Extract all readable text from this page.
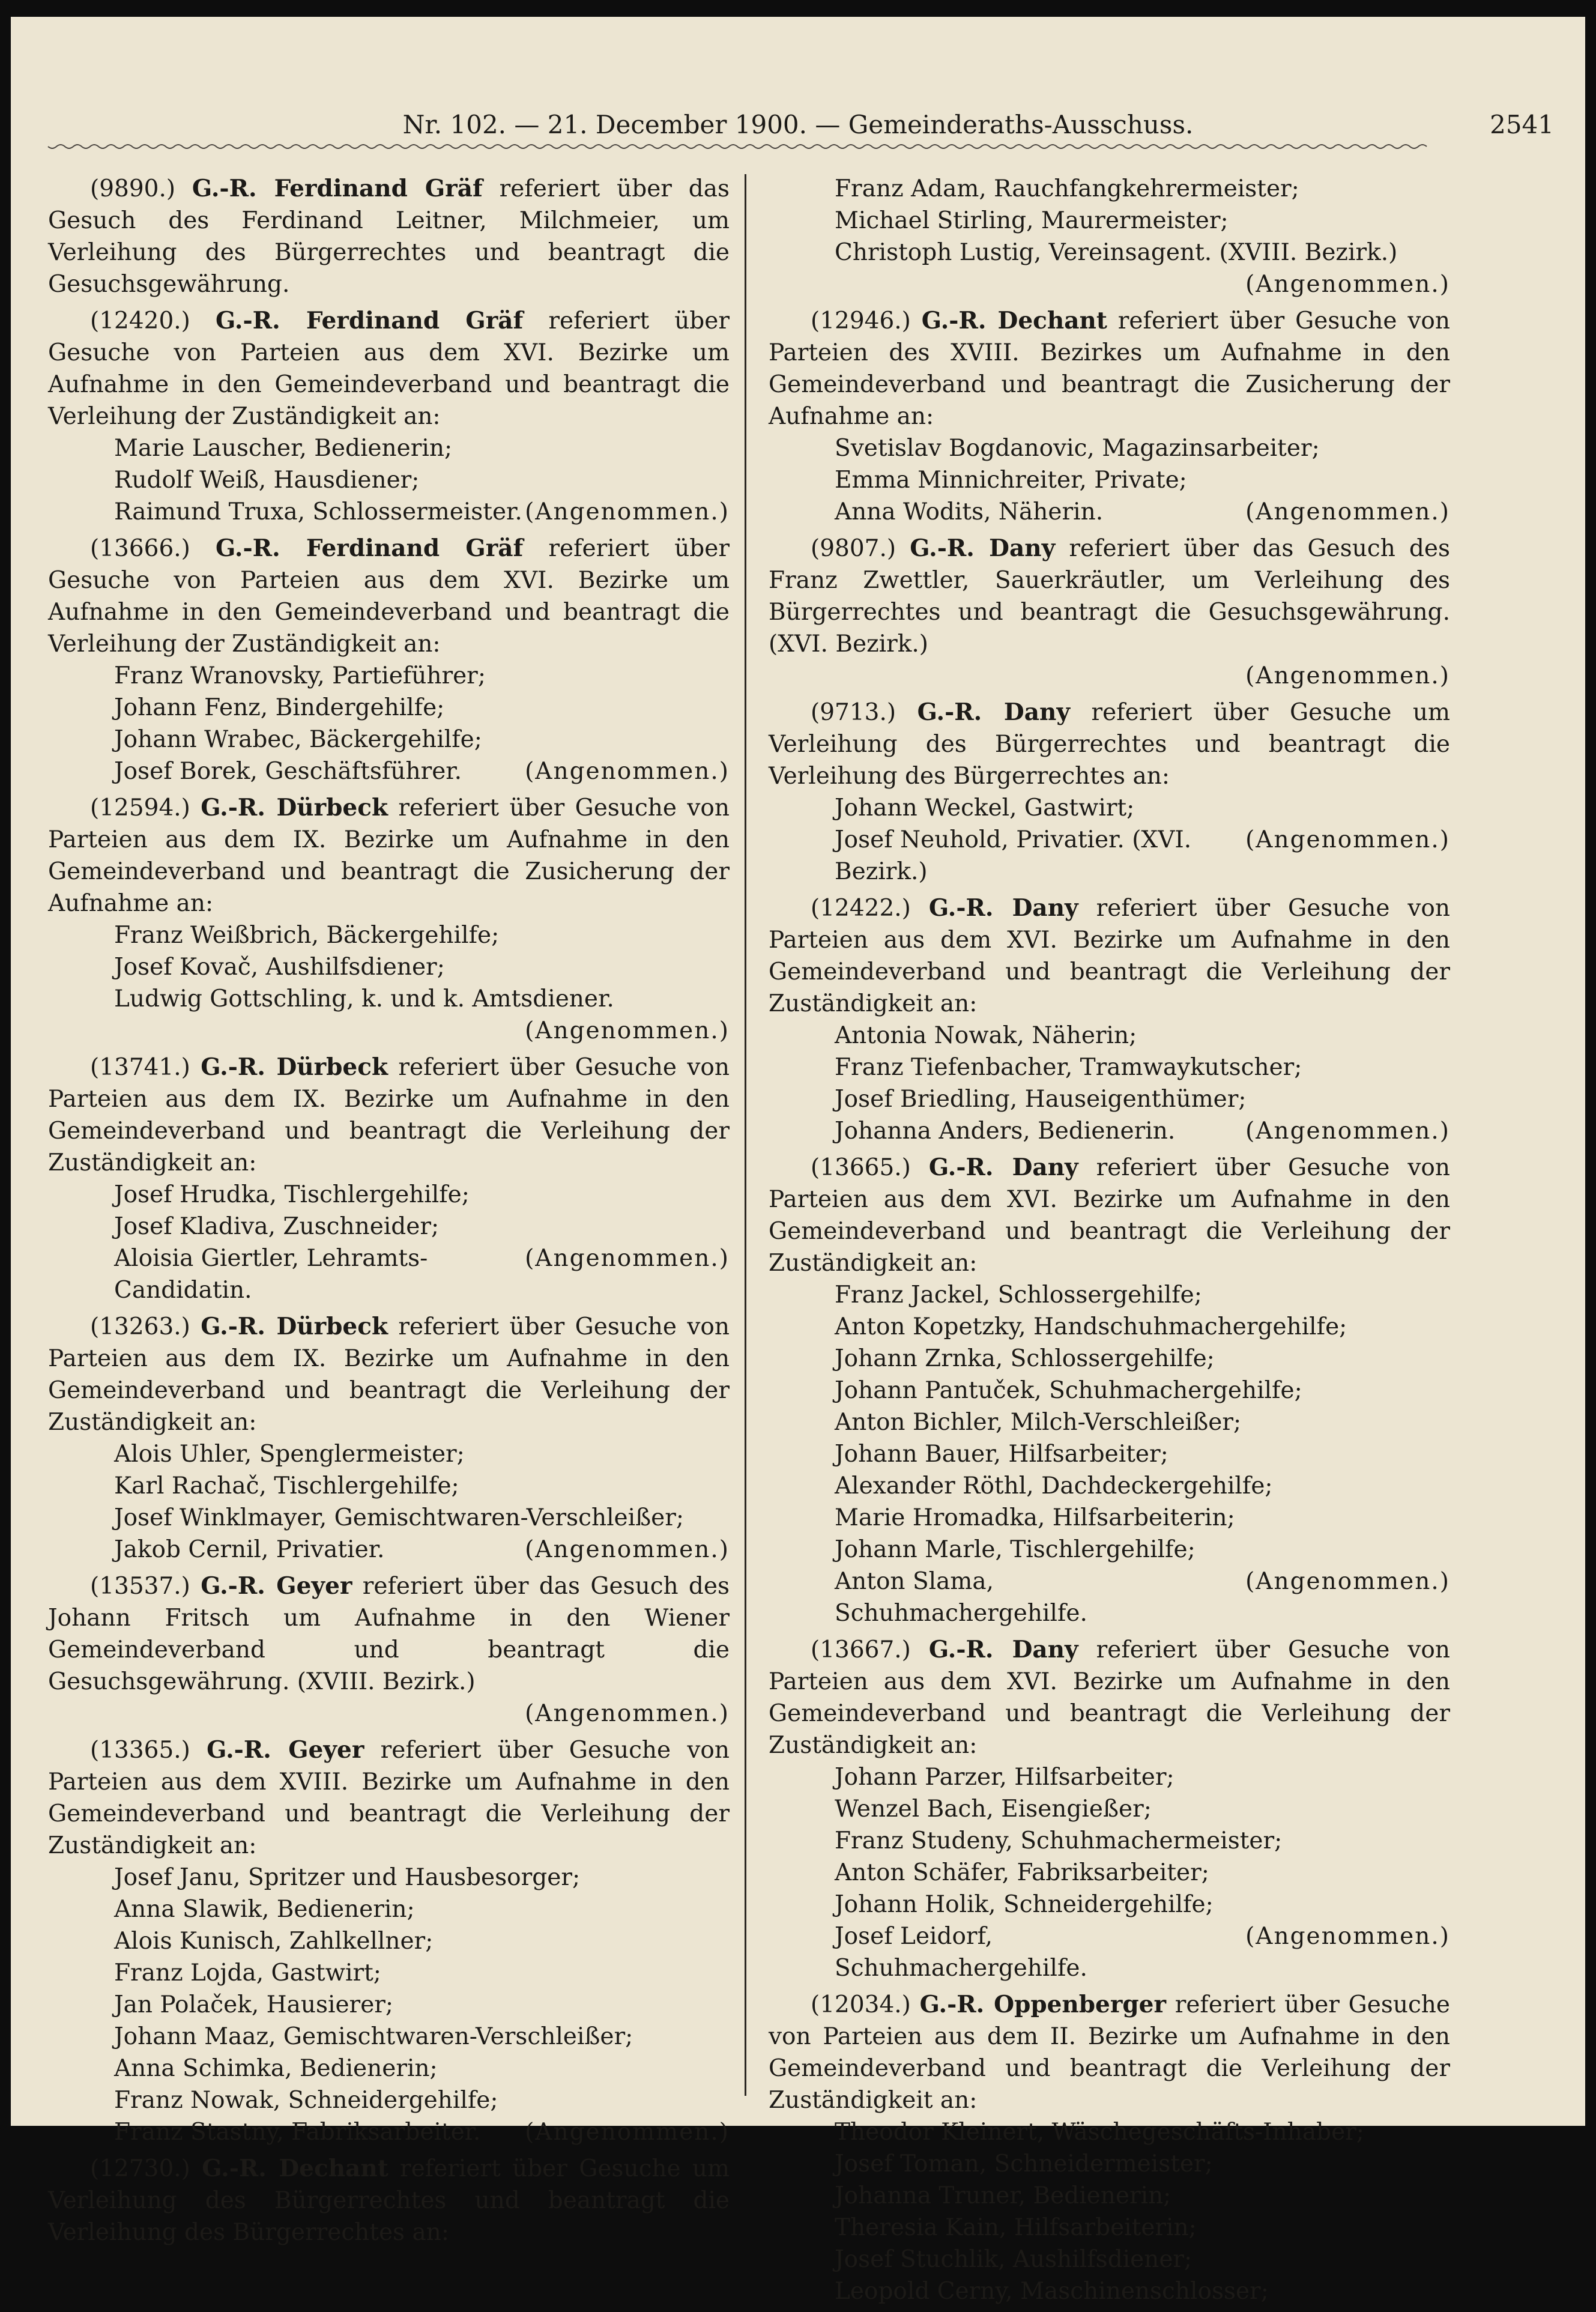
Nr. 102. — 21. December 1900. — Gemeinderaths-Ausschuss.	2541
(9890.) G.-R. Ferdinand Gräf referiert über das Gesuch des Ferdinand Leitner, Milchmeier, um Verleihung des Bürgerrechtes und beantragt die Gesuchsgewährung.
(12420.) G.-R. Ferdinand Gräf referiert über Gesuche von Parteien aus dem XVI. Bezirke um Aufnahme in den Gemeindeverband und beantragt die Verleihung der Zuständigkeit an:
Marie Lauscher, Bedienerin;
Rudolf Weiß, Hausdiener;
(Angenommen.)
Raimund Truxa, Schlossermeister.
(13666.) G.-R. Ferdinand Gräf referiert über Gesuche von Parteien aus dem XVI. Bezirke um Aufnahme in den Gemeindeverband und beantragt die Verleihung der Zuständigkeit an:
Franz Wranovsky, Partieführer;
Johann Fenz, Bindergehilfe;
Johann Wrabec, Bäckergehilfe;
(Angenommen.)
Josef Borek, Geschäftsführer.
(12594.) G.-R. Dürbeck referiert über Gesuche von Parteien aus dem IX. Bezirke um Aufnahme in den Gemeindeverband und beantragt die Zusicherung der Aufnahme an:
Franz Weißbrich, Bäckergehilfe;
Josef Kovač, Aushilfsdiener;
Ludwig Gottschling, k. und k. Amtsdiener.
(Angenommen.)
(13741.) G.-R. Dürbeck referiert über Gesuche von Parteien aus dem IX. Bezirke um Aufnahme in den Gemeindeverband und beantragt die Verleihung der Zuständigkeit an:
Josef Hrudka, Tischlergehilfe;
Josef Kladiva, Zuschneider;
(Angenommen.)
Aloisia Giertler, Lehramts-Candidatin.
(13263.) G.-R. Dürbeck referiert über Gesuche von Parteien aus dem IX. Bezirke um Aufnahme in den Gemeindeverband und beantragt die Verleihung der Zuständigkeit an:
Alois Uhler, Spenglermeister;
Karl Rachač, Tischlergehilfe;
Josef Winklmayer, Gemischtwaren-Verschleißer;
(Angenommen.)
Jakob Cernil, Privatier.
(13537.) G.-R. Geyer referiert über das Gesuch des Johann Fritsch um Aufnahme in den Wiener Gemeindeverband und beantragt die Gesuchsgewährung. (XVIII. Bezirk.)
(Angenommen.)
(13365.) G.-R. Geyer referiert über Gesuche von Parteien aus dem XVIII. Bezirke um Aufnahme in den Gemeindeverband und beantragt die Verleihung der Zuständigkeit an:
Josef Janu, Spritzer und Hausbesorger;
Anna Slawik, Bedienerin;
Alois Kunisch, Zahlkellner;
Franz Lojda, Gastwirt;
Jan Polaček, Hausierer;
Johann Maaz, Gemischtwaren-Verschleißer;
Anna Schimka, Bedienerin;
Franz Nowak, Schneidergehilfe;
(Angenommen.)
Franz Stastny, Fabriksarbeiter.
(12730.) G.-R. Dechant referiert über Gesuche um Verleihung des Bürgerrechtes und beantragt die Verleihung des Bürgerrechtes an:
Franz Adam, Rauchfangkehrermeister;
Michael Stirling, Maurermeister;
Christoph Lustig, Vereinsagent. (XVIII. Bezirk.)
(Angenommen.)
(12946.) G.-R. Dechant referiert über Gesuche von Parteien des XVIII. Bezirkes um Aufnahme in den Gemeindeverband und beantragt die Zusicherung der Aufnahme an:
Svetislav Bogdanovic, Magazinsarbeiter;
Emma Minnichreiter, Private;
(Angenommen.)
Anna Wodits, Näherin.
(9807.) G.-R. Dany referiert über das Gesuch des Franz Zwettler, Sauerkräutler, um Verleihung des Bürgerrechtes und beantragt die Gesuchsgewährung. (XVI. Bezirk.)
(Angenommen.)
(9713.) G.-R. Dany referiert über Gesuche um Verleihung des Bürgerrechtes und beantragt die Verleihung des Bürgerrechtes an:
Johann Weckel, Gastwirt;
(Angenommen.)
Josef Neuhold, Privatier. (XVI. Bezirk.)
(12422.) G.-R. Dany referiert über Gesuche von Parteien aus dem XVI. Bezirke um Aufnahme in den Gemeindeverband und beantragt die Verleihung der Zuständigkeit an:
Antonia Nowak, Näherin;
Franz Tiefenbacher, Tramwaykutscher;
Josef Briedling, Hauseigenthümer;
(Angenommen.)
Johanna Anders, Bedienerin.
(13665.) G.-R. Dany referiert über Gesuche von Parteien aus dem XVI. Bezirke um Aufnahme in den Gemeindeverband und beantragt die Verleihung der Zuständigkeit an:
Franz Jackel, Schlossergehilfe;
Anton Kopetzky, Handschuhmachergehilfe;
Johann Zrnka, Schlossergehilfe;
Johann Pantuček, Schuhmachergehilfe;
Anton Bichler, Milch-Verschleißer;
Johann Bauer, Hilfsarbeiter;
Alexander Röthl, Dachdeckergehilfe;
Marie Hromadka, Hilfsarbeiterin;
Johann Marle, Tischlergehilfe;
(Angenommen.)
Anton Slama, Schuhmachergehilfe.
(13667.) G.-R. Dany referiert über Gesuche von Parteien aus dem XVI. Bezirke um Aufnahme in den Gemeindeverband und beantragt die Verleihung der Zuständigkeit an:
Johann Parzer, Hilfsarbeiter;
Wenzel Bach, Eisengießer;
Franz Studeny, Schuhmachermeister;
Anton Schäfer, Fabriksarbeiter;
Johann Holik, Schneidergehilfe;
(Angenommen.)
Josef Leidorf, Schuhmachergehilfe.
(12034.) G.-R. Oppenberger referiert über Gesuche von Parteien aus dem II. Bezirke um Aufnahme in den Gemeindeverband und beantragt die Verleihung der Zuständigkeit an:
Theodor Kleinert, Wäschegeschäfts-Inhaber;
Josef Toman, Schneidermeister;
Johanna Truner, Bedienerin;
Theresia Kain, Hilfsarbeiterin;
Josef Stuchlik, Aushilfsdiener;
Leopold Cerny, Maschinenschlosser;
